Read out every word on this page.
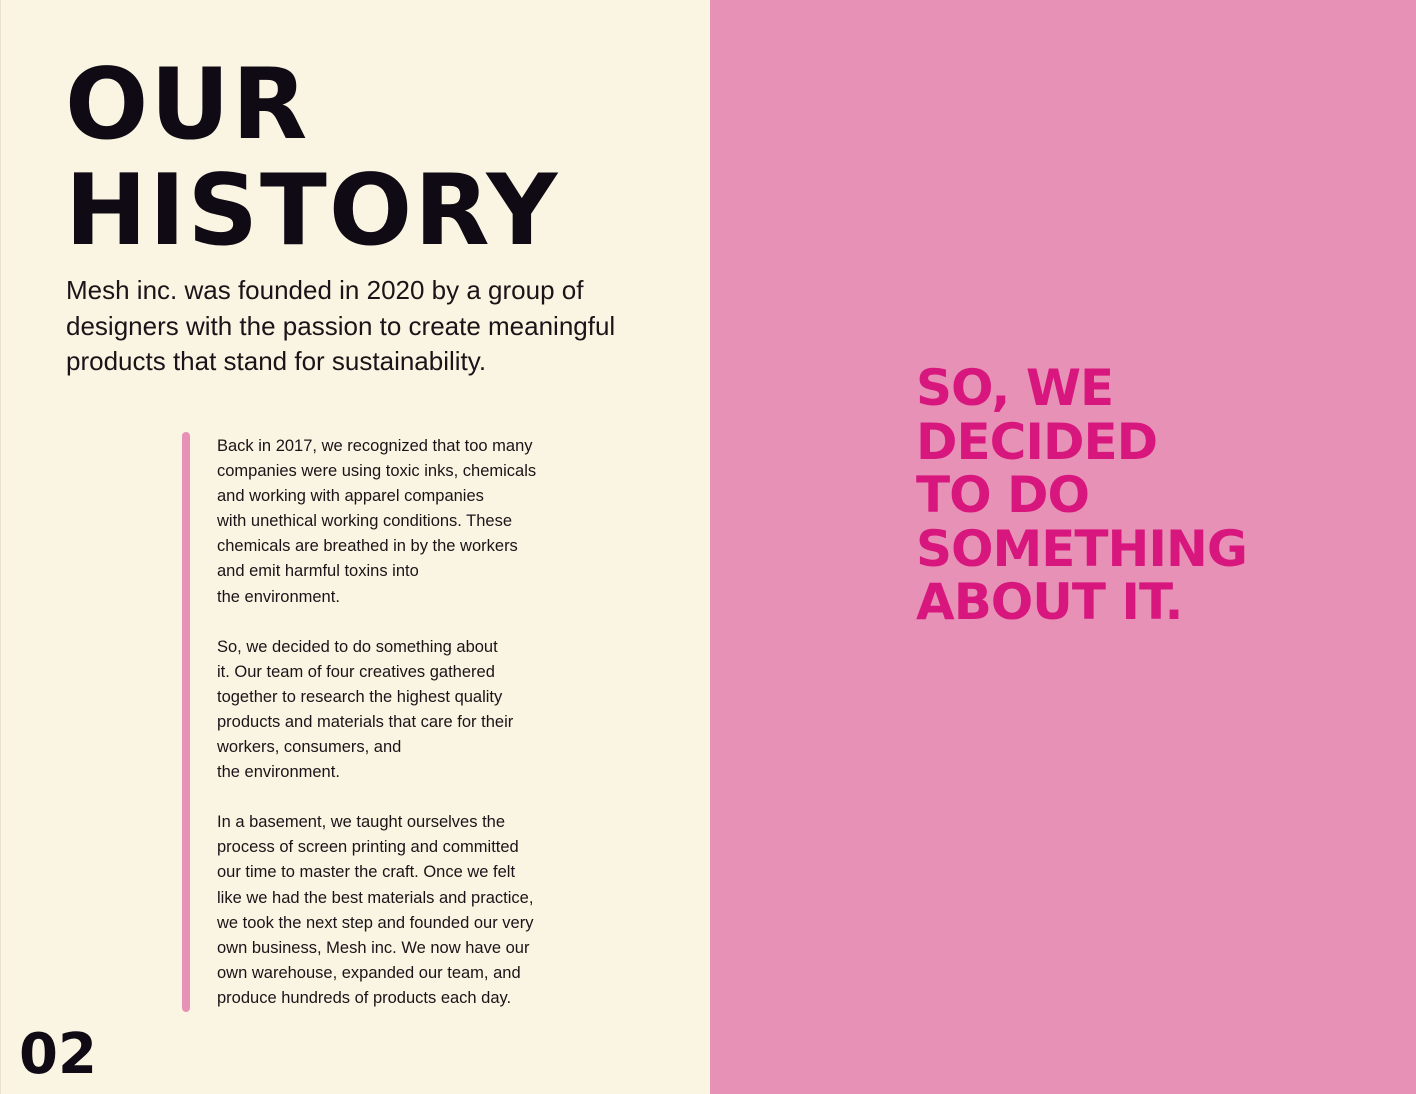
OUR
HISTORY

Mesh inc. was founded in 2020 by a group of designers with the passion to create meaningful products that stand for sustainability.

Back in 2017, we recognized that too many
companies were using toxic inks, chemicals
and working with apparel companies
with unethical working conditions. These
chemicals are breathed in by the workers
and emit harmful toxins into
the environment.

So, we decided to do something about
it. Our team of four creatives gathered
together to research the highest quality
products and materials that care for their
workers, consumers, and
the environment.

In a basement, we taught ourselves the
process of screen printing and committed
our time to master the craft. Once we felt
like we had the best materials and practice,
we took the next step and founded our very
own business, Mesh inc. We now have our
own warehouse, expanded our team, and
produce hundreds of products each day.

02
SO, WE
DECIDED
TO DO
SOMETHING
ABOUT IT.
